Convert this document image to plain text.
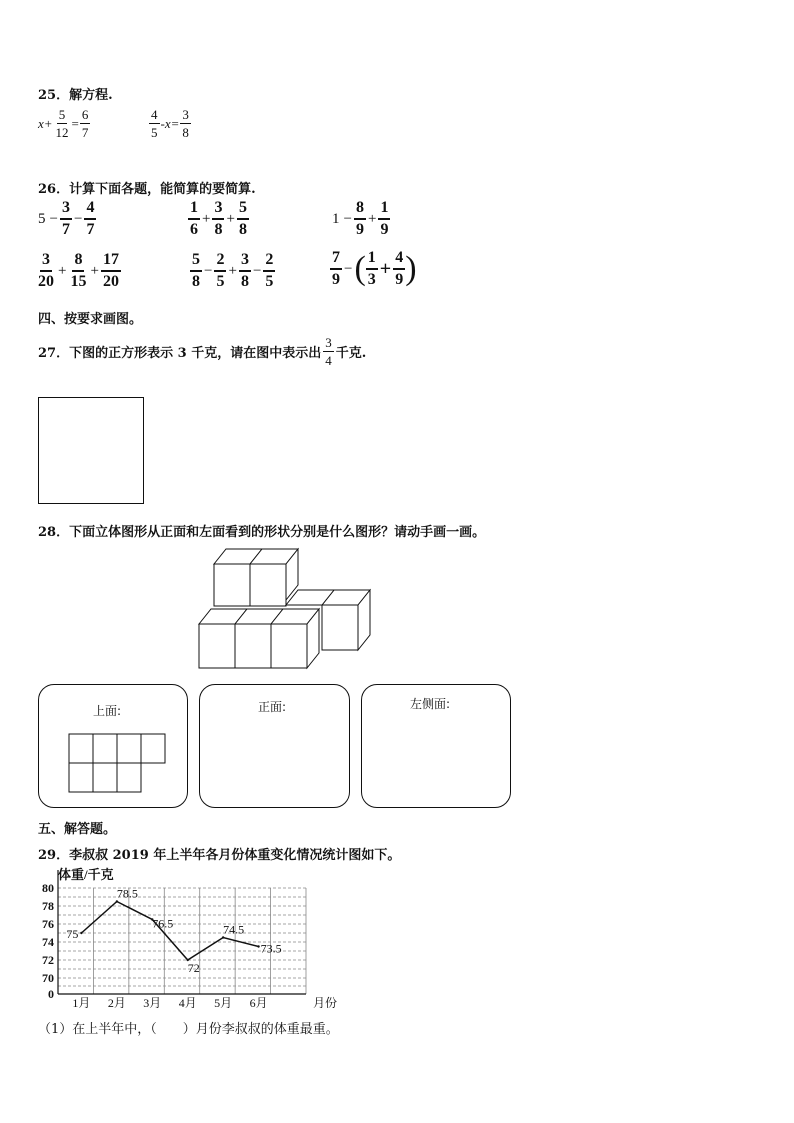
25．解方程.
$x+ \frac{5}{12} = \frac{6}{7}$	$\frac{4}{5} -x= \frac{3}{8}$
26．计算下面各题，能简算的要简算.
$5 - \frac{3}{7} - \frac{4}{7}$	$\frac{1}{6} + \frac{3}{8} + \frac{5}{8}$	$1 - \frac{8}{9} + \frac{1}{9}$
$\frac{3}{20} + \frac{8}{15} + \frac{17}{20}$	$\frac{5}{8} - \frac{2}{5} + \frac{3}{8} - \frac{2}{5}$	$\frac{7}{9}$ − ( $\frac{1}{3} + \frac{4}{9}$ )
四、按要求画图。
27．下图的正方形表示 3 千克，请在图中表示出 $\frac{3}{4}$ 千克.
28．下面立体图形从正面和左面看到的形状分别是什么图形？请动手画一画。
上面:	正面:	左侧面:
五、解答题。
29．李叔叔 2019 年上半年各月份体重变化情况统计图如下。
80
78
76
74
72
70
0
1月 2月 3月 4月 5月 6月
75
78.5
76.5
72
74.5
73.5
体重/千克
月份
（1）在上半年中，（　　）月份李叔叔的体重最重。
